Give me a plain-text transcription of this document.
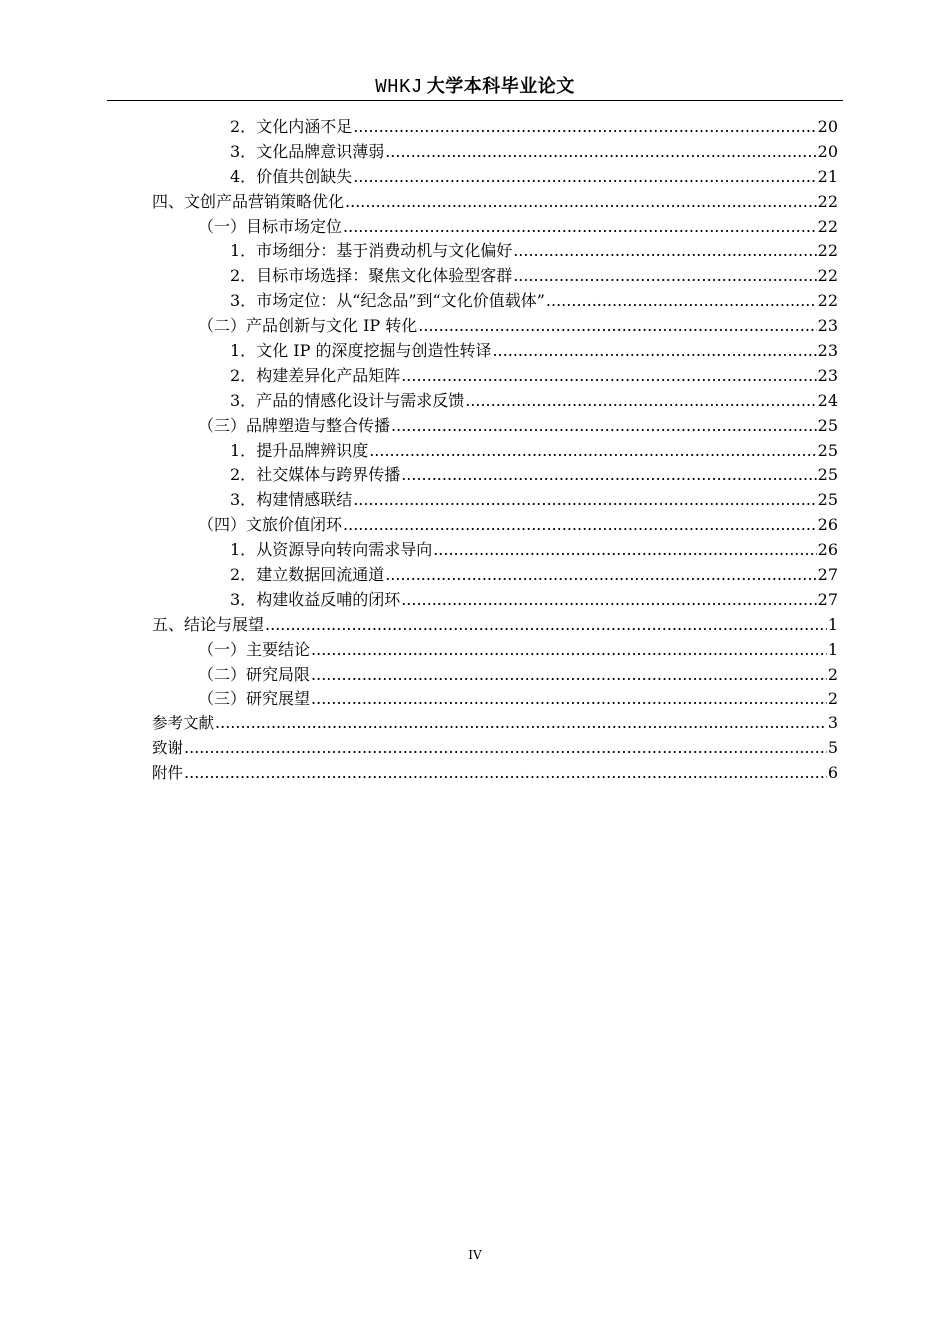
WHKJ 大学本科毕业论文
2． 文化内涵不足 .....	20
3． 文化品牌意识薄弱 .....	20
4． 价值共创缺失 .....	21
四、 文创产品营销策略优化 .....	22
（一） 目标市场定位 .....	22
1． 市场细分：基于消费动机与文化偏好 .....	22
2． 目标市场选择：聚焦文化体验型客群 .....	22
3． 市场定位：从“纪念品”到“文化价值载体” .....	22
（二） 产品创新与文化 IP 转化 .....	23
1． 文化 IP 的深度挖掘与创造性转译 .....	23
2． 构建差异化产品矩阵 .....	23
3． 产品的情感化设计与需求反馈 .....	24
（三） 品牌塑造与整合传播 .....	25
1． 提升品牌辨识度 .....	25
2． 社交媒体与跨界传播 .....	25
3． 构建情感联结 .....	25
（四） 文旅价值闭环 .....	26
1． 从资源导向转向需求导向 .....	26
2． 建立数据回流通道 .....	27
3． 构建收益反哺的闭环 .....	27
五、 结论与展望 .....	1
（一） 主要结论 .....	1
（二） 研究局限 .....	2
（三） 研究展望 .....	2
参考文献 .....	3
致谢 .....	5
附件 .....	6
IV
